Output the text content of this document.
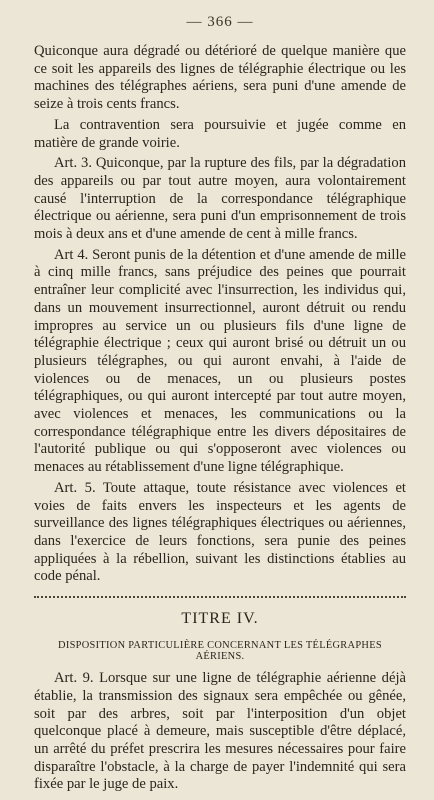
— 366 —

Quiconque aura dégradé ou détérioré de quelque manière que ce soit les appareils des lignes de télégraphie électrique ou les machines des télégraphes aériens, sera puni d'une amende de seize à trois cents francs.

La contravention sera poursuivie et jugée comme en matière de grande voirie.

Art. 3. Quiconque, par la rupture des fils, par la dégradation des appareils ou par tout autre moyen, aura volontairement causé l'interruption de la correspondance télégraphique électrique ou aérienne, sera puni d'un emprisonnement de trois mois à deux ans et d'une amende de cent à mille francs.

Art 4. Seront punis de la détention et d'une amende de mille à cinq mille francs, sans préjudice des peines que pourrait entraîner leur complicité avec l'insurrection, les individus qui, dans un mouvement insurrectionnel, auront détruit ou rendu impropres au service un ou plusieurs fils d'une ligne de télégraphie électrique ; ceux qui auront brisé ou détruit un ou plusieurs télégraphes, ou qui auront envahi, à l'aide de violences ou de menaces, un ou plusieurs postes télégraphiques, ou qui auront intercepté par tout autre moyen, avec violences et menaces, les communications ou la correspondance télégraphique entre les divers dépositaires de l'autorité publique ou qui s'opposeront avec violences ou menaces au rétablissement d'une ligne télégraphique.

Art. 5. Toute attaque, toute résistance avec violences et voies de faits envers les inspecteurs et les agents de surveillance des lignes télégraphiques électriques ou aériennes, dans l'exercice de leurs fonctions, sera punie des peines appliquées à la rébellion, suivant les distinctions établies au code pénal.

TITRE IV.
DISPOSITION PARTICULIÈRE CONCERNANT LES TÉLÉGRAPHES AÉRIENS.

Art. 9. Lorsque sur une ligne de télégraphie aérienne déjà établie, la transmission des signaux sera empêchée ou gênée, soit par des arbres, soit par l'interposition d'un objet quelconque placé à demeure, mais susceptible d'être déplacé, un arrêté du préfet prescrira les mesures nécessaires pour faire disparaître l'obstacle, à la charge de payer l'indemnité qui sera fixée par le juge de paix.
